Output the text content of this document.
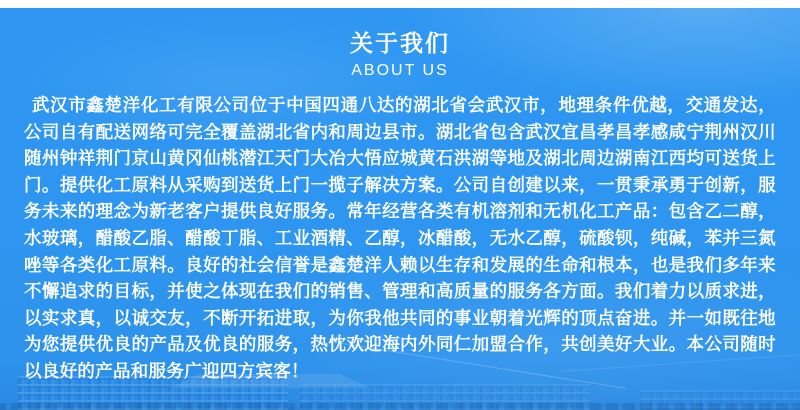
关于我们
ABOUT US

武汉市鑫楚洋化工有限公司位于中国四通八达的湖北省会武汉市，地理条件优越，交通发达，公司自有配送网络可完全覆盖湖北省内和周边县市。湖北省包含武汉宜昌孝昌孝感咸宁荆州汉川随州钟祥荆门京山黄冈仙桃潜江天门大冶大悟应城黄石洪湖等地及湖北周边湖南江西均可送货上门。提供化工原料从采购到送货上门一揽子解决方案。公司自创建以来，一贯秉承勇于创新，服务未来的理念为新老客户提供良好服务。常年经营各类有机溶剂和无机化工产品：包含乙二醇，水玻璃，醋酸乙脂、醋酸丁脂、工业酒精、乙醇，冰醋酸，无水乙醇，硫酸钡，纯碱，苯并三氮唑等各类化工原料。良好的社会信誉是鑫楚洋人赖以生存和发展的生命和根本，也是我们多年来不懈追求的目标，并使之体现在我们的销售、管理和高质量的服务各方面。我们着力以质求进，以实求真，以诚交友，不断开拓进取，为你我他共同的事业朝着光辉的顶点奋进。并一如既往地为您提供优良的产品及优良的服务，热忱欢迎海内外同仁加盟合作，共创美好大业。本公司随时以良好的产品和服务广迎四方宾客！
